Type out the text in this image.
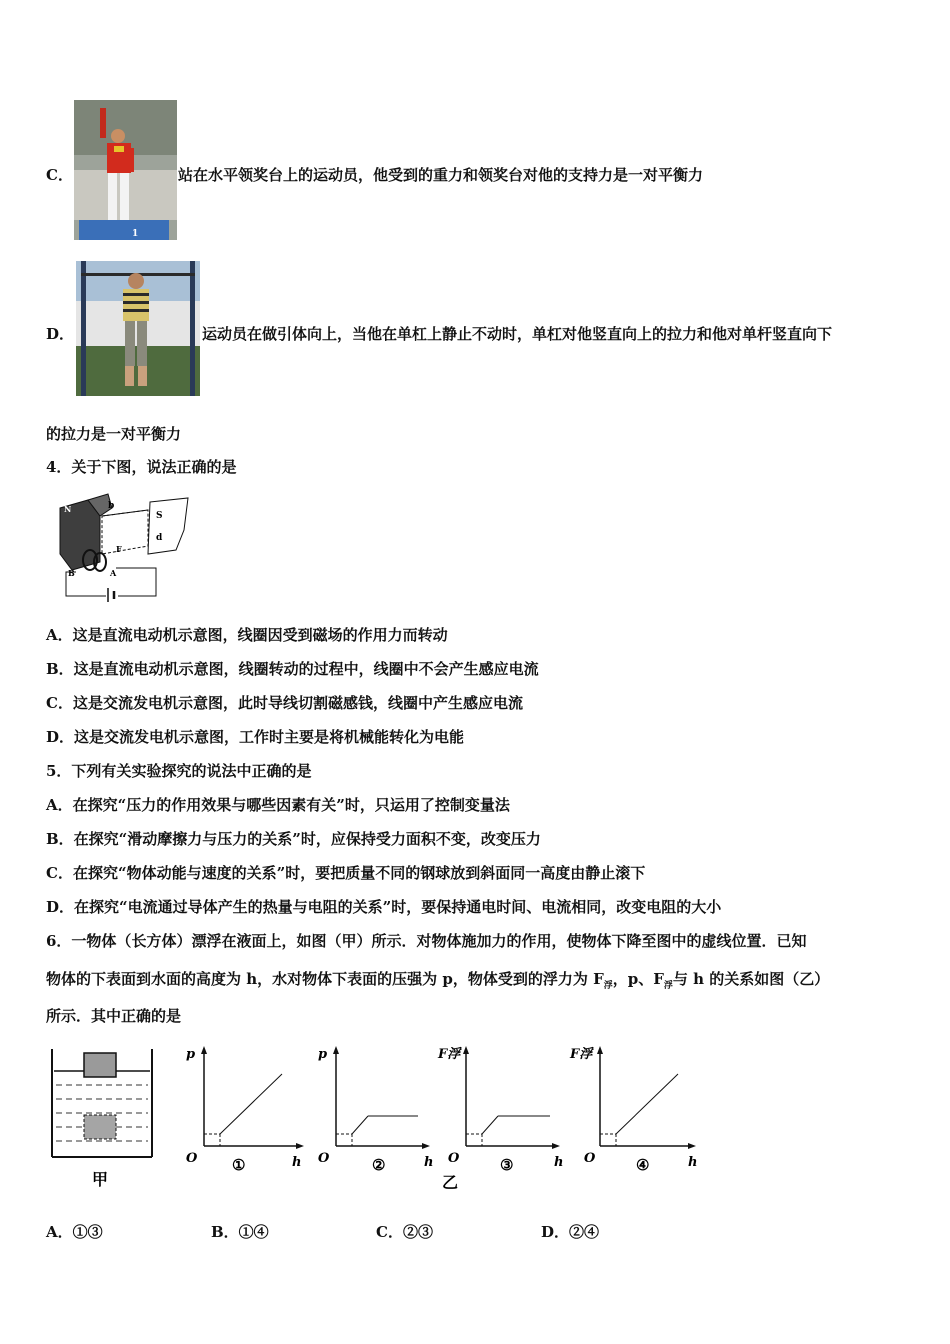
1
C．	站在水平领奖台上的运动员，他受到的重力和领奖台对他的支持力是一对平衡力
D．	运动员在做引体向上，当他在单杠上静止不动时，单杠对他竖直向上的拉力和他对单杆竖直向下
的拉力是一对平衡力
4．关于下图，说法正确的是
N
S
d
b
F
B	A
A．这是直流电动机示意图，线圈因受到磁场的作用力而转动
B．这是直流电动机示意图，线圈转动的过程中，线圈中不会产生感应电流
C．这是交流发电机示意图，此时导线切割磁感钱，线圈中产生感应电流
D．这是交流发电机示意图，工作时主要是将机械能转化为电能
5．下列有关实验探究的说法中正确的是
A．在探究“压力的作用效果与哪些因素有关”时，只运用了控制变量法
B．在探究“滑动摩擦力与压力的关系”时，应保持受力面积不变，改变压力
C．在探究“物体动能与速度的关系”时，要把质量不同的钢球放到斜面同一高度由静止滚下
D．在探究“电流通过导体产生的热量与电阻的关系”时，要保持通电时间、电流相同，改变电阻的大小
6．一物体（长方体）漂浮在液面上，如图（甲）所示．对物体施加力的作用，使物体下降至图中的虚线位置．已知
物体的下表面到水面的高度为 h，水对物体下表面的压强为 p，物体受到的浮力为 $F_浮$，p、$F_浮$与 h 的关系如图（乙）
所示．其中正确的是
甲
p
O ①	h
p
O	②	h
乙
F浮
O	③	h
F浮
O	④	h
A．①③	B．①④	C．②③	D．②④
